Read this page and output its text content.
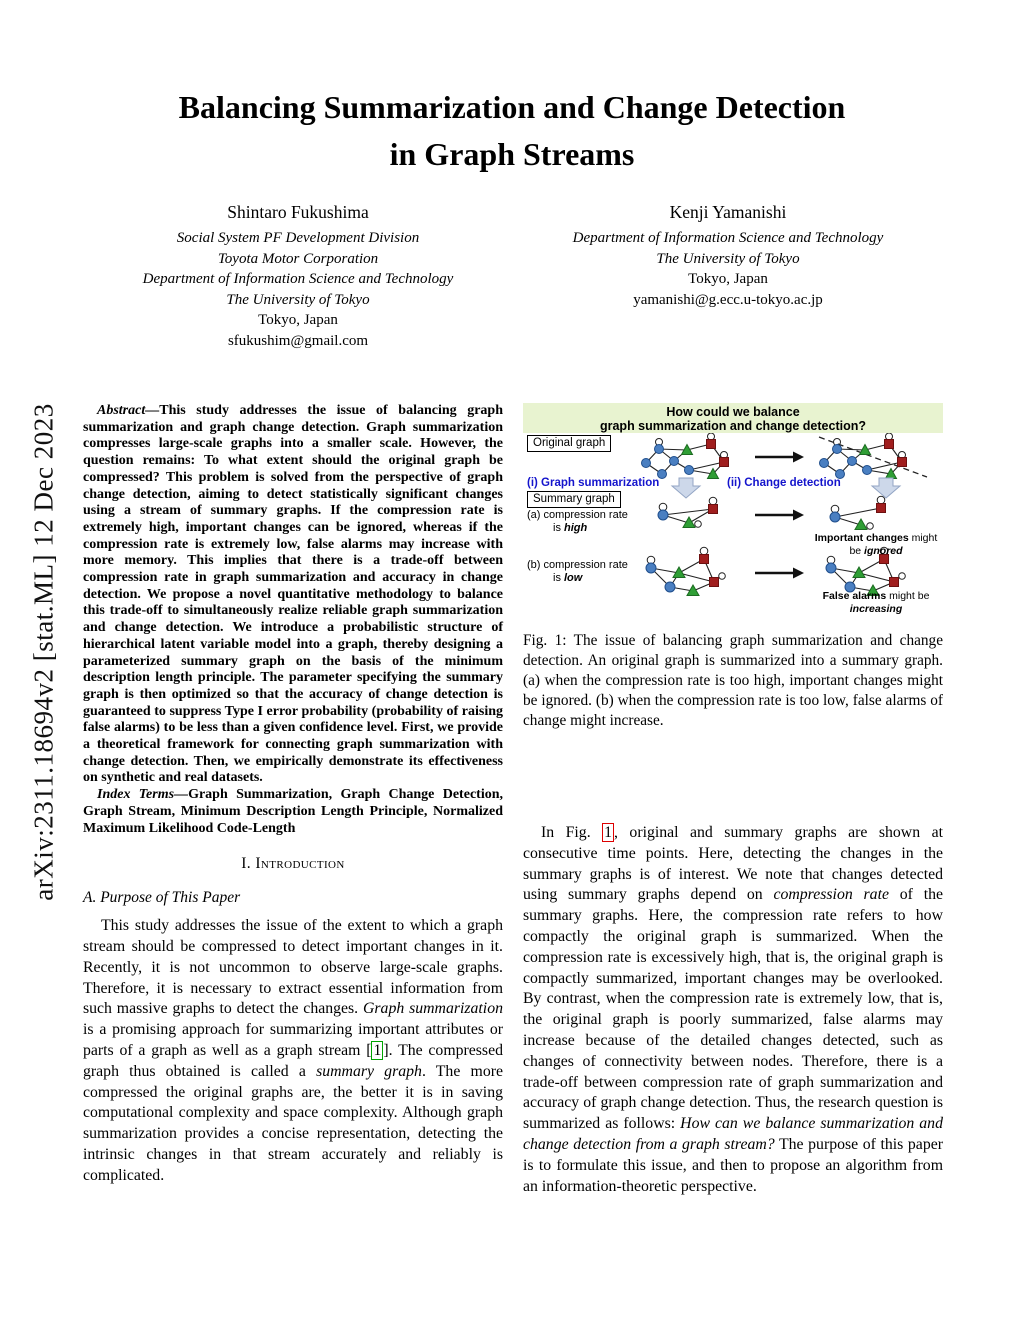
arXiv:2311.18694v2 [stat.ML] 12 Dec 2023
Balancing Summarization and Change Detection
in Graph Streams
Shintaro Fukushima
Social System PF Development Division
Toyota Motor Corporation
Department of Information Science and Technology
The University of Tokyo
Tokyo, Japan
sfukushim@gmail.com
Kenji Yamanishi
Department of Information Science and Technology
The University of Tokyo
Tokyo, Japan
yamanishi@g.ecc.u-tokyo.ac.jp

Abstract—This study addresses the issue of balancing graph summarization and graph change detection. Graph summarization compresses large-scale graphs into a smaller scale. However, the question remains: To what extent should the original graph be compressed? This problem is solved from the perspective of graph change detection, aiming to detect statistically significant changes using a stream of summary graphs. If the compression rate is extremely high, important changes can be ignored, whereas if the compression rate is extremely low, false alarms may increase with more memory. This implies that there is a trade-off between compression rate in graph summarization and accuracy in change detection. We propose a novel quantitative methodology to balance this trade-off to simultaneously realize reliable graph summarization and change detection. We introduce a probabilistic structure of hierarchical latent variable model into a graph, thereby designing a parameterized summary graph on the basis of the minimum description length principle. The parameter specifying the summary graph is then optimized so that the accuracy of change detection is guaranteed to suppress Type I error probability (probability of raising false alarms) to be less than a given confidence level. First, we provide a theoretical framework for connecting graph summarization with change detection. Then, we empirically demonstrate its effectiveness on synthetic and real datasets.

Index Terms—Graph Summarization, Graph Change Detection, Graph Stream, Minimum Description Length Principle, Normalized Maximum Likelihood Code-Length

I. Introduction
A. Purpose of This Paper

This study addresses the issue of the extent to which a graph stream should be compressed to detect important changes in it. Recently, it is not uncommon to observe large-scale graphs. Therefore, it is necessary to extract essential information from such massive graphs to detect the changes. Graph summarization is a promising approach for summarizing important attributes or parts of a graph as well as a graph stream [ 1 ]. The compressed graph thus obtained is called a summary graph. The more compressed the original graphs are, the better it is in saving computational complexity and space complexity. Although graph summarization provides a concise representation, detecting the intrinsic changes in that stream accurately and reliably is complicated.

How could we balance
graph summarization and change detection?
Original graph
Summary graph
(i) Graph summarization	(ii) Change detection
(a) compression rate
is high
(b) compression rate
is low
Important changes might
be ignored
False alarms might be
increasing

Fig. 1: The issue of balancing graph summarization and change detection. An original graph is summarized into a summary graph. (a) when the compression rate is too high, important changes might be ignored. (b) when the compression rate is too low, false alarms of change might increase.

In Fig. 1 , original and summary graphs are shown at consecutive time points. Here, detecting the changes in the summary graphs is of interest. We note that changes detected using summary graphs depend on compression rate of the summary graphs. Here, the compression rate refers to how compactly the original graph is summarized. When the compression rate is excessively high, that is, the original graph is compactly summarized, important changes may be overlooked. By contrast, when the compression rate is extremely low, that is, the original graph is poorly summarized, false alarms may increase because of the detailed changes detected, such as changes of connectivity between nodes. Therefore, there is a trade-off between compression rate of graph summarization and accuracy of graph change detection. Thus, the research question is summarized as follows: How can we balance summarization and change detection from a graph stream? The purpose of this paper is to formulate this issue, and then to propose an algorithm from an information-theoretic perspective.
